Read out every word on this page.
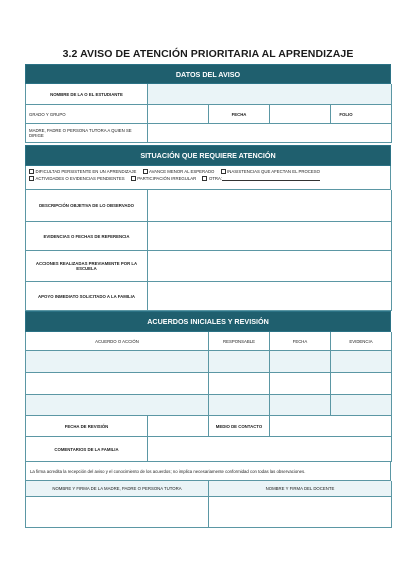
3.2 AVISO DE ATENCIÓN PRIORITARIA AL APRENDIZAJE
DATOS DEL AVISO
NOMBRE DE LA O EL ESTUDIANTE
GRADO Y GRUPO	FECHA	FOLIO
MADRE, PADRE O PERSONA TUTORA A QUIEN SE DIRIGE
SITUACIÓN QUE REQUIERE ATENCIÓN
DIFICULTAD PERSISTENTE EN UN APRENDIZAJE
	AVANCE MENOR AL ESPERADO
	INASISTENCIAS QUE AFECTAN EL PROCESO
ACTIVIDADES O EVIDENCIAS PENDIENTES
	PARTICIPACIÓN IRREGULAR
	OTRA:
DESCRIPCIÓN OBJETIVA DE LO OBSERVADO
EVIDENCIAS O FECHAS DE REFERENCIA
ACCIONES REALIZADAS PREVIAMENTE POR LA ESCUELA
APOYO INMEDIATO SOLICITADO A LA FAMILIA
ACUERDOS INICIALES Y REVISIÓN
ACUERDO O ACCIÓN	RESPONSABLE	FECHA	EVIDENCIA
FECHA DE REVISIÓN	MEDIO DE CONTACTO
COMENTARIOS DE LA FAMILIA
La firma acredita la recepción del aviso y el conocimiento de los acuerdos; no implica necesariamente conformidad con todas las observaciones.
NOMBRE Y FIRMA DE LA MADRE, PADRE O PERSONA TUTORA	NOMBRE Y FIRMA DEL DOCENTE
